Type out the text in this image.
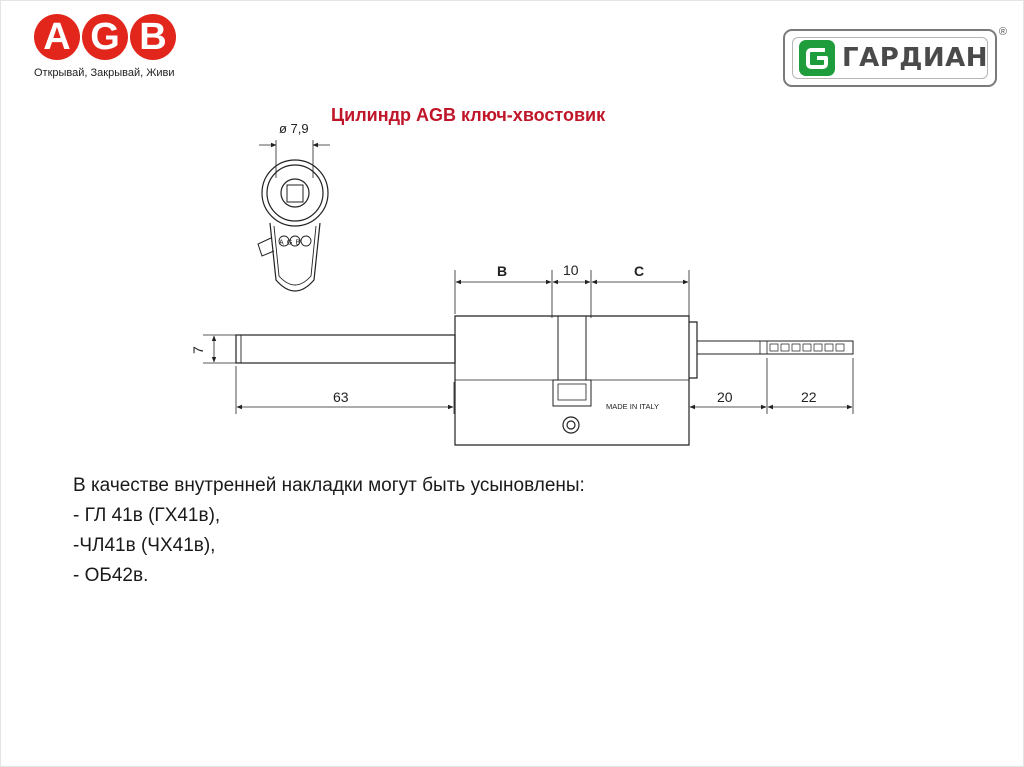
A G B
Открывай, Закрывай, Живи	ГАРДИАН
®
Цилиндр AGB ключ-хвостовик
ø 7,9
AGB
B	10	C
7
63	20	22
MADE IN ITALY
В качестве внутренней накладки могут быть усыновлены:
- ГЛ 41в (ГХ41в),
-ЧЛ41в (ЧХ41в),
- ОБ42в.
